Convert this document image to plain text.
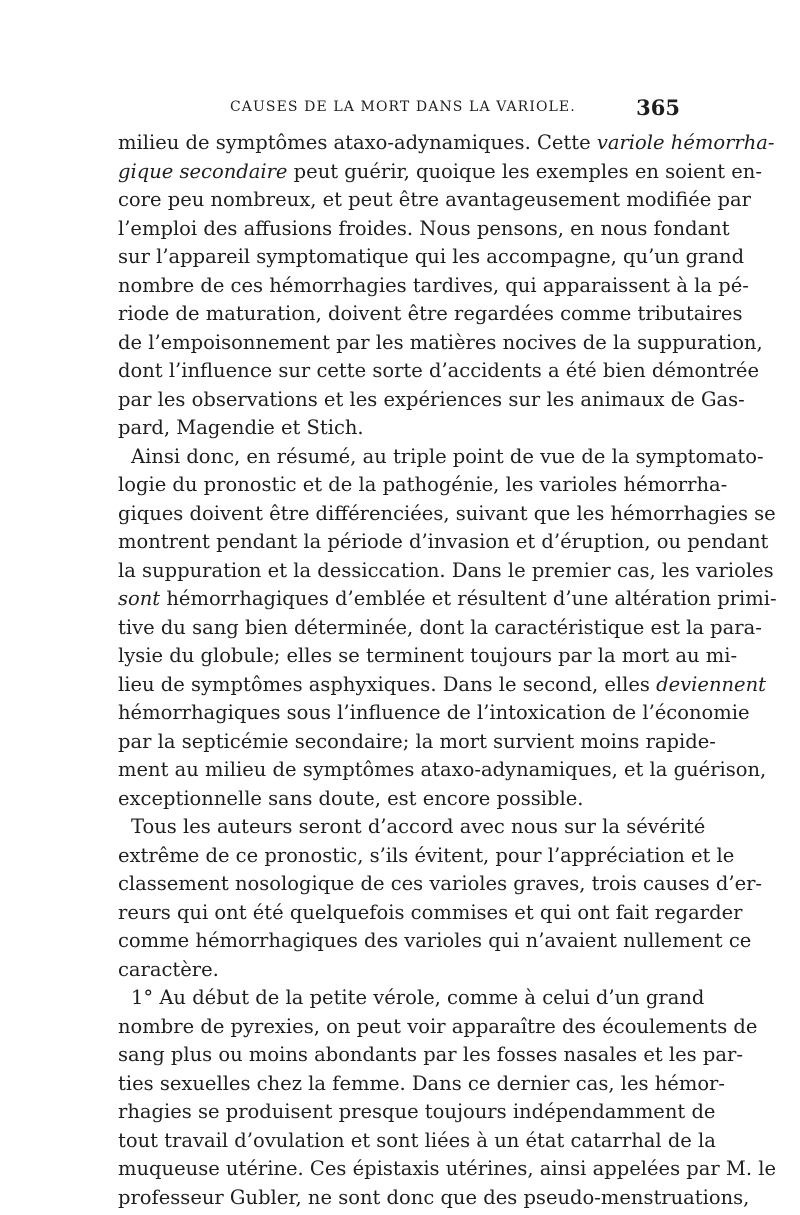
CAUSES DE LA MORT DANS LA VARIOLE.	365
milieu de symptômes ataxo-adynamiques. Cette variole hémorrha-
gique secondaire peut guérir, quoique les exemples en soient en-
core peu nombreux, et peut être avantageusement modifiée par
l’emploi des affusions froides. Nous pensons, en nous fondant
sur l’appareil symptomatique qui les accompagne, qu’un grand
nombre de ces hémorrhagies tardives, qui apparaissent à la pé-
riode de maturation, doivent être regardées comme tributaires
de l’empoisonnement par les matières nocives de la suppuration,
dont l’influence sur cette sorte d’accidents a été bien démontrée
par les observations et les expériences sur les animaux de Gas-
pard, Magendie et Stich.
Ainsi donc, en résumé, au triple point de vue de la symptomato-
logie du pronostic et de la pathogénie, les varioles hémorrha-
giques doivent être différenciées, suivant que les hémorrhagies se
montrent pendant la période d’invasion et d’éruption, ou pendant
la suppuration et la dessiccation. Dans le premier cas, les varioles
sont hémorrhagiques d’emblée et résultent d’une altération primi-
tive du sang bien déterminée, dont la caractéristique est la para-
lysie du globule; elles se terminent toujours par la mort au mi-
lieu de symptômes asphyxiques. Dans le second, elles deviennent
hémorrhagiques sous l’influence de l’intoxication de l’économie
par la septicémie secondaire; la mort survient moins rapide-
ment au milieu de symptômes ataxo-adynamiques, et la guérison,
exceptionnelle sans doute, est encore possible.
Tous les auteurs seront d’accord avec nous sur la sévérité
extrême de ce pronostic, s’ils évitent, pour l’appréciation et le
classement nosologique de ces varioles graves, trois causes d’er-
reurs qui ont été quelquefois commises et qui ont fait regarder
comme hémorrhagiques des varioles qui n’avaient nullement ce
caractère.
1° Au début de la petite vérole, comme à celui d’un grand
nombre de pyrexies, on peut voir apparaître des écoulements de
sang plus ou moins abondants par les fosses nasales et les par-
ties sexuelles chez la femme. Dans ce dernier cas, les hémor-
rhagies se produisent presque toujours indépendamment de
tout travail d’ovulation et sont liées à un état catarrhal de la
muqueuse utérine. Ces épistaxis utérines, ainsi appelées par M. le
professeur Gubler, ne sont donc que des pseudo-menstruations,
